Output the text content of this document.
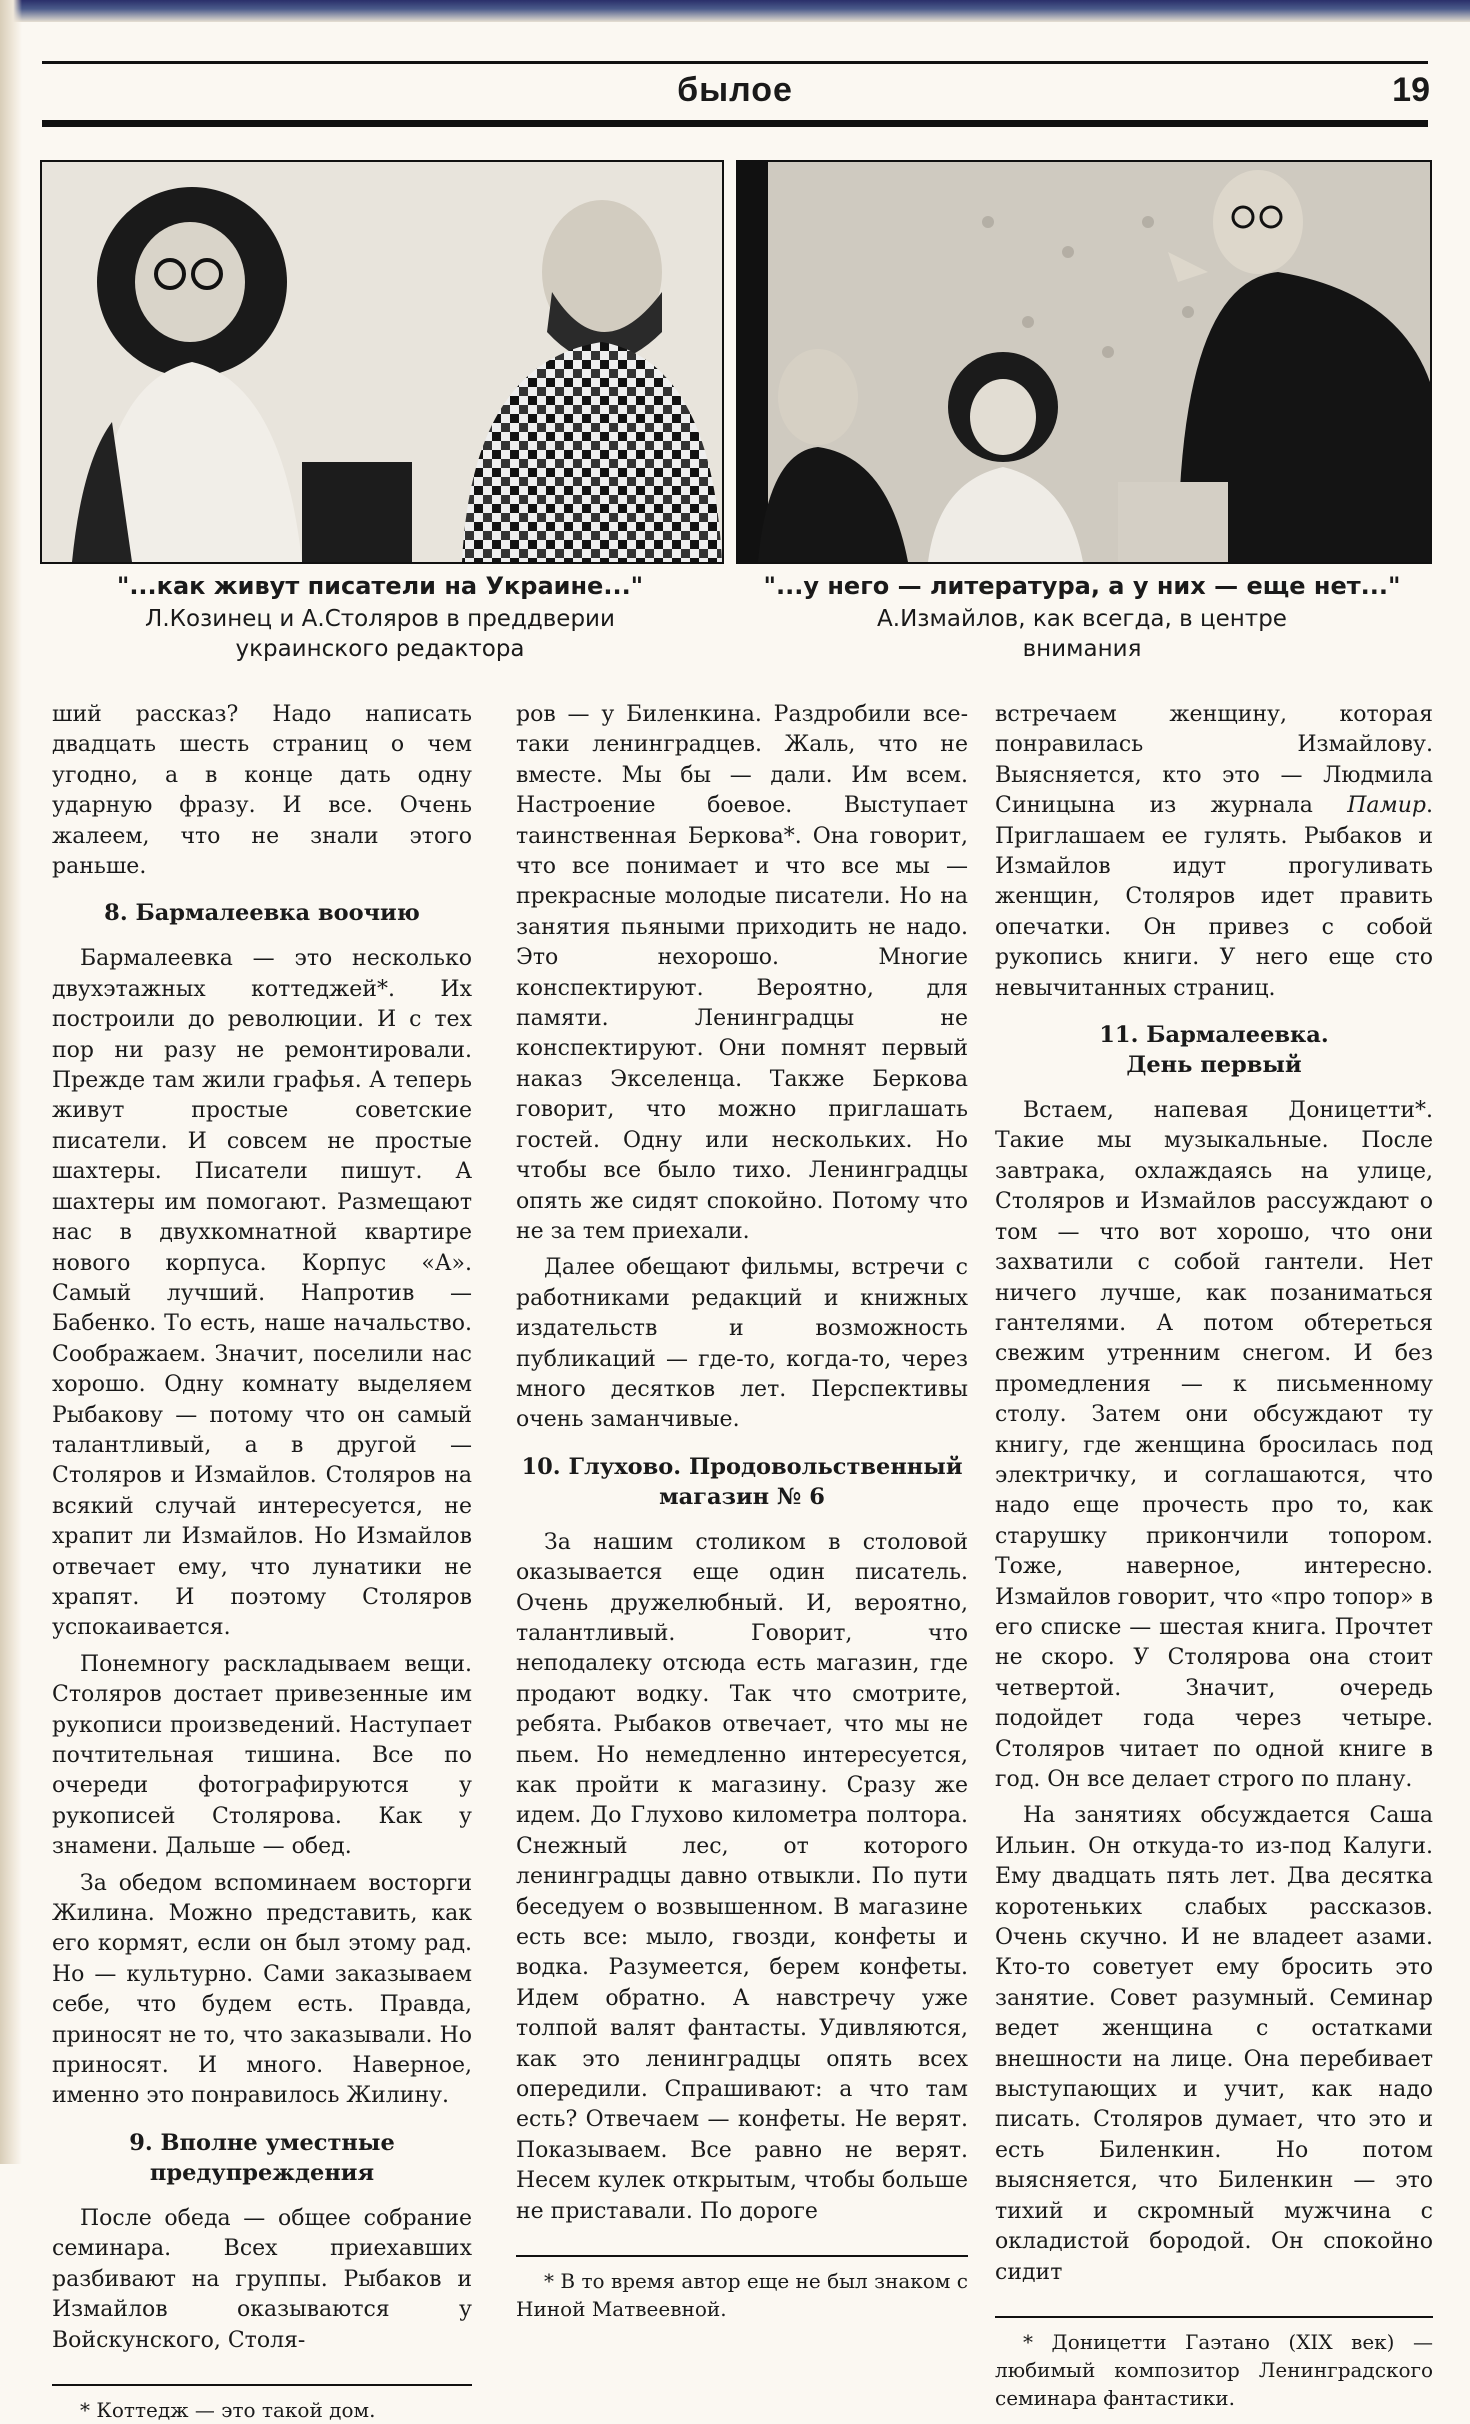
былое	19
"...как живут писатели на Украине..."
Л.Козинец и А.Столяров в преддверии украинского редактора
"...у него — литература, а у них — еще нет..."
А.Измайлов, как всегда, в центре внимания

ший рассказ? Надо написать двадцать шесть страниц о чем угодно, а в конце дать одну ударную фразу. И все. Очень жалеем, что не знали этого раньше.

8. Бармалеевка воочию

Бармалеевка — это несколько двухэтажных коттеджей*. Их построили до революции. И с тех пор ни разу не ремонтировали. Прежде там жили графья. А теперь живут простые советские писатели. И совсем не простые шахтеры. Писатели пишут. А шахтеры им помогают. Размещают нас в двухкомнатной квартире нового корпуса. Корпус «А». Самый лучший. Напротив — Бабенко. То есть, наше начальство. Соображаем. Значит, поселили нас хорошо. Одну комнату выделяем Рыбакову — потому что он самый талантливый, а в другой — Столяров и Измайлов. Столяров на всякий случай интересуется, не храпит ли Измайлов. Но Измайлов отвечает ему, что лунатики не храпят. И поэтому Столяров успокаивается.

Понемногу раскладываем вещи. Столяров достает привезенные им рукописи произведений. Наступает почтительная тишина. Все по очереди фотографируются у рукописей Столярова. Как у знамени. Дальше — обед.

За обедом вспоминаем восторги Жилина. Можно представить, как его кормят, если он был этому рад. Но — культурно. Сами заказываем себе, что будем есть. Правда, приносят не то, что заказывали. Но приносят. И много. Наверное, именно это понравилось Жилину.

9. Вполне уместные предупреждения

После обеда — общее собрание семинара. Всех приехавших разбивают на группы. Рыбаков и Измайлов оказываются у Войскунского, Столя-

* Коттедж — это такой дом.

ров — у Биленкина. Раздробили все-таки ленинградцев. Жаль, что не вместе. Мы бы — дали. Им всем. Настроение боевое. Выступает таинственная Беркова*. Она говорит, что все понимает и что все мы — прекрасные молодые писатели. Но на занятия пьяными приходить не надо. Это нехорошо. Многие конспектируют. Вероятно, для памяти. Ленинградцы не конспектируют. Они помнят первый наказ Экселенца. Также Беркова говорит, что можно приглашать гостей. Одну или нескольких. Но чтобы все было тихо. Ленинградцы опять же сидят спокойно. Потому что не за тем приехали.

Далее обещают фильмы, встречи с работниками редакций и книжных издательств и возможность публикаций — где-то, когда-то, через много десятков лет. Перспективы очень заманчивые.

10. Глухово. Продовольственный магазин № 6

За нашим столиком в столовой оказывается еще один писатель. Очень дружелюбный. И, вероятно, талантливый. Говорит, что неподалеку отсюда есть магазин, где продают водку. Так что смотрите, ребята. Рыбаков отвечает, что мы не пьем. Но немедленно интересуется, как пройти к магазину. Сразу же идем. До Глухово километра полтора. Снежный лес, от которого ленинградцы давно отвыкли. По пути беседуем о возвышенном. В магазине есть все: мыло, гвозди, конфеты и водка. Разумеется, берем конфеты. Идем обратно. А навстречу уже толпой валят фантасты. Удивляются, как это ленинградцы опять всех опередили. Спрашивают: а что там есть? Отвечаем — конфеты. Не верят. Показываем. Все равно не верят. Несем кулек открытым, чтобы больше не приставали. По дороге

* В то время автор еще не был знаком с Ниной Матвеевной.

встречаем женщину, которая понравилась Измайлову. Выясняется, кто это — Людмила Синицына из журнала Памир. Приглашаем ее гулять. Рыбаков и Измайлов идут прогуливать женщин, Столяров идет править опечатки. Он привез с собой рукопись книги. У него еще сто невычитанных страниц.

11. Бармалеевка. День первый

Встаем, напевая Доницетти*. Такие мы музыкальные. После завтрака, охлаждаясь на улице, Столяров и Измайлов рассуждают о том — что вот хорошо, что они захватили с собой гантели. Нет ничего лучше, как позаниматься гантелями. А потом обтереться свежим утренним снегом. И без промедления — к письменному столу. Затем они обсуждают ту книгу, где женщина бросилась под электричку, и соглашаются, что надо еще прочесть про то, как старушку прикончили топором. Тоже, наверное, интересно. Измайлов говорит, что «про топор» в его списке — шестая книга. Прочтет не скоро. У Столярова она стоит четвертой. Значит, очередь подойдет года через четыре. Столяров читает по одной книге в год. Он все делает строго по плану.

На занятиях обсуждается Саша Ильин. Он откуда-то из-под Калуги. Ему двадцать пять лет. Два десятка коротеньких слабых рассказов. Очень скучно. И не владеет азами. Кто-то советует ему бросить это занятие. Совет разумный. Семинар ведет женщина с остатками внешности на лице. Она перебивает выступающих и учит, как надо писать. Столяров думает, что это и есть Биленкин. Но потом выясняется, что Биленкин — это тихий и скромный мужчина с окладистой бородой. Он спокойно сидит

* Доницетти Гаэтано (XIX век) — любимый композитор Ленинградского семинара фантастики.
